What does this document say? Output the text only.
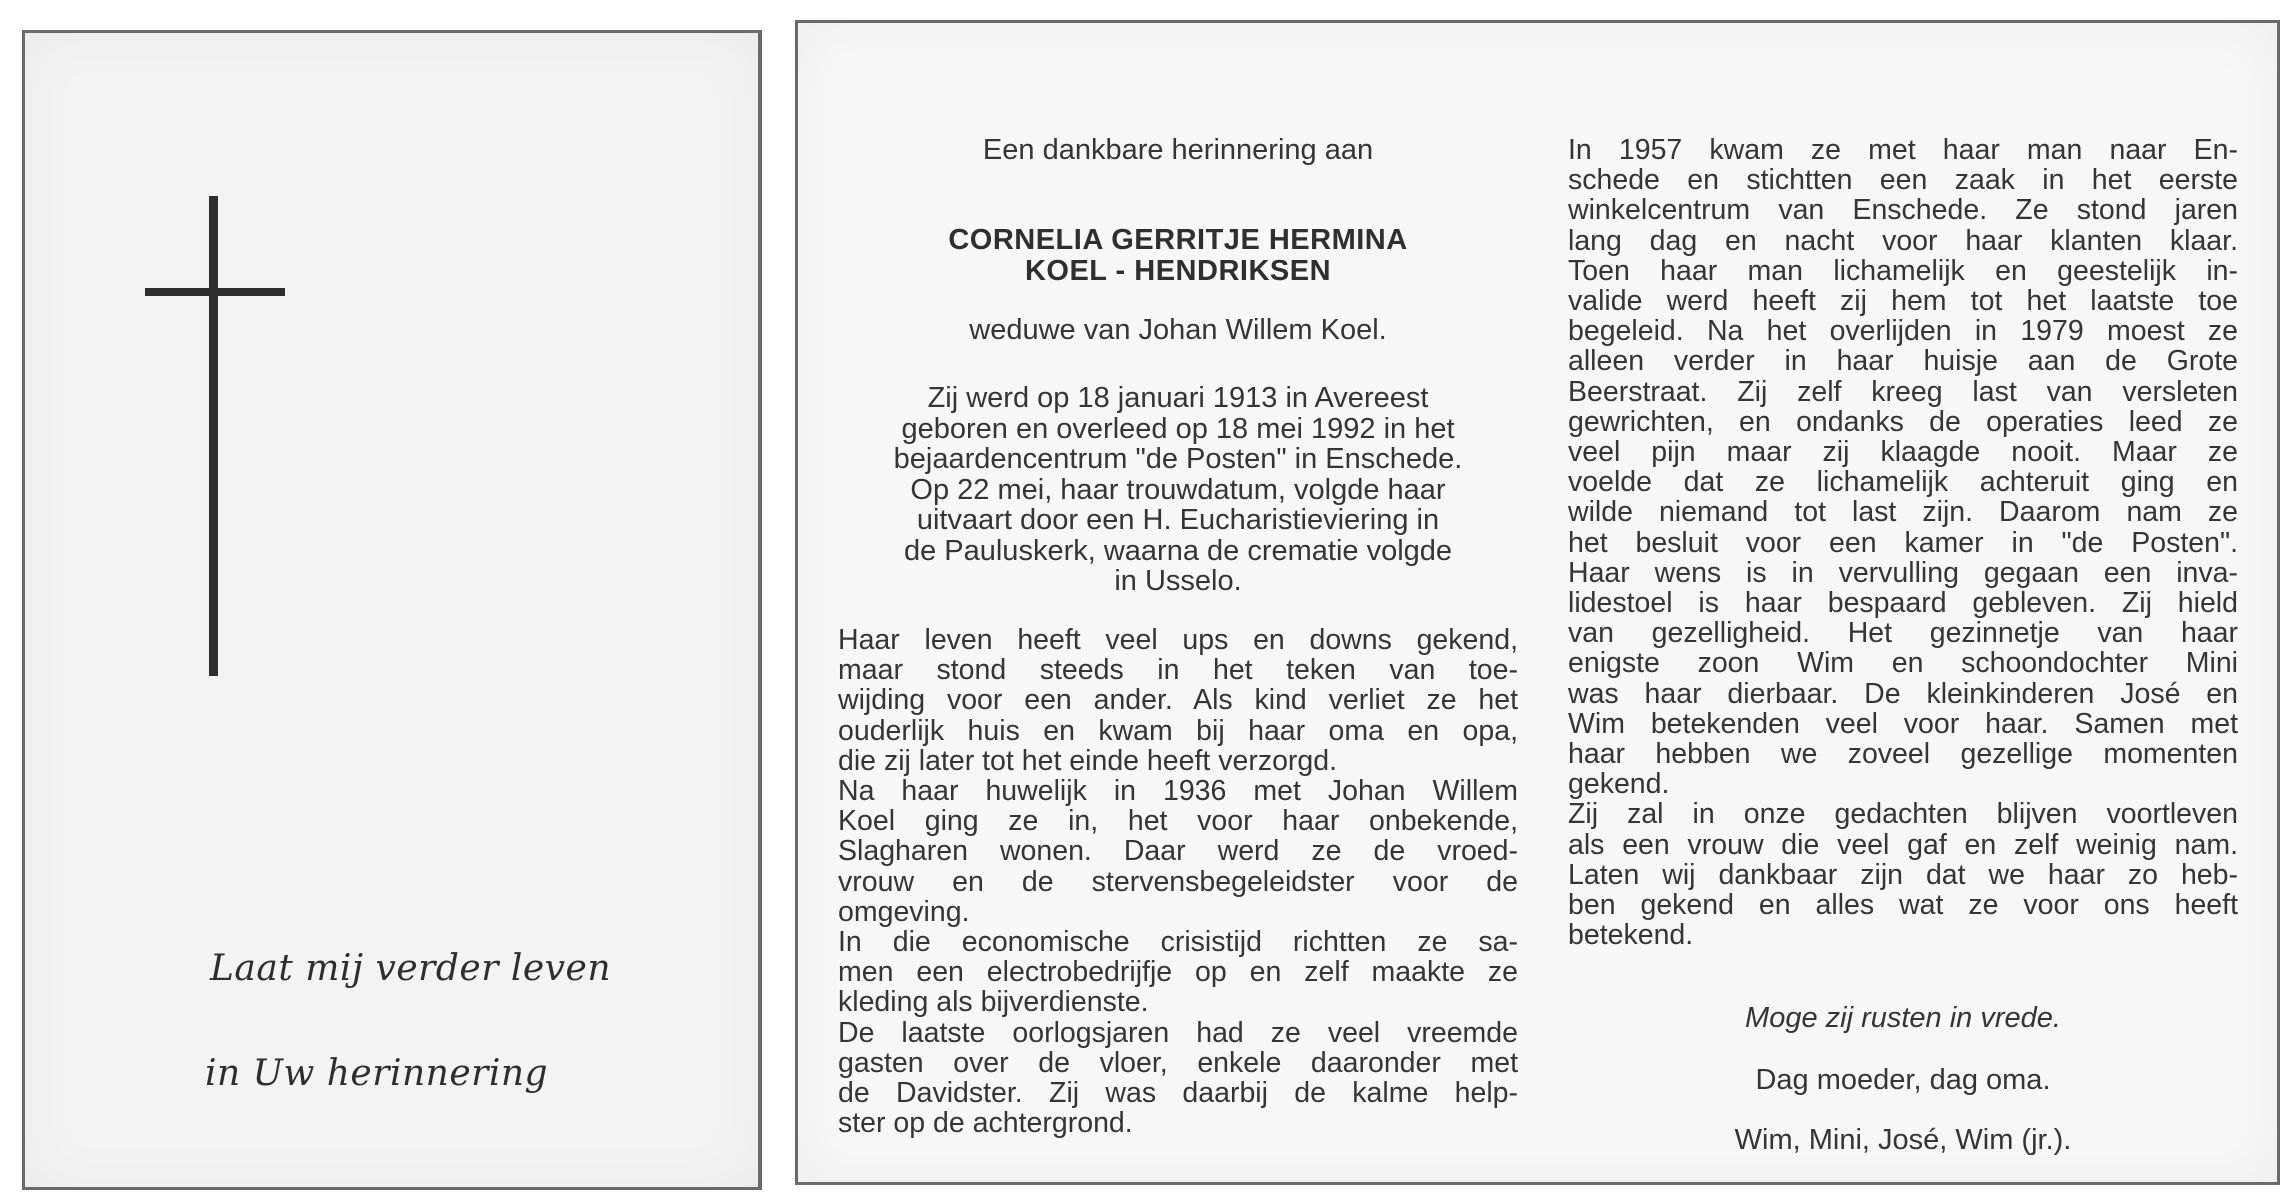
Laat mij verder leven
in Uw herinnering
Een dankbare herinnering aan
CORNELIA GERRITJE HERMINA
KOEL - HENDRIKSEN
weduwe van Johan Willem Koel.
Zij werd op 18 januari 1913 in Avereest
geboren en overleed op 18 mei 1992 in het
bejaardencentrum "de Posten" in Enschede.
Op 22 mei, haar trouwdatum, volgde haar
uitvaart door een H. Eucharistieviering in
de Pauluskerk, waarna de crematie volgde
in Usselo.
Haar leven heeft veel ups en downs gekend,
maar stond steeds in het teken van toe-
wijding voor een ander. Als kind verliet ze het
ouderlijk huis en kwam bij haar oma en opa,
die zij later tot het einde heeft verzorgd.
Na haar huwelijk in 1936 met Johan Willem
Koel ging ze in, het voor haar onbekende,
Slagharen wonen. Daar werd ze de vroed-
vrouw en de stervensbegeleidster voor de
omgeving.
In die economische crisistijd richtten ze sa-
men een electrobedrijfje op en zelf maakte ze
kleding als bijverdienste.
De laatste oorlogsjaren had ze veel vreemde
gasten over de vloer, enkele daaronder met
de Davidster. Zij was daarbij de kalme help-
ster op de achtergrond.
In 1957 kwam ze met haar man naar En-
schede en stichtten een zaak in het eerste
winkelcentrum van Enschede. Ze stond jaren
lang dag en nacht voor haar klanten klaar.
Toen haar man lichamelijk en geestelijk in-
valide werd heeft zij hem tot het laatste toe
begeleid. Na het overlijden in 1979 moest ze
alleen verder in haar huisje aan de Grote
Beerstraat. Zij zelf kreeg last van versleten
gewrichten, en ondanks de operaties leed ze
veel pijn maar zij klaagde nooit. Maar ze
voelde dat ze lichamelijk achteruit ging en
wilde niemand tot last zijn. Daarom nam ze
het besluit voor een kamer in "de Posten".
Haar wens is in vervulling gegaan een inva-
lidestoel is haar bespaard gebleven. Zij hield
van gezelligheid. Het gezinnetje van haar
enigste zoon Wim en schoondochter Mini
was haar dierbaar. De kleinkinderen José en
Wim betekenden veel voor haar. Samen met
haar hebben we zoveel gezellige momenten
gekend.
Zij zal in onze gedachten blijven voortleven
als een vrouw die veel gaf en zelf weinig nam.
Laten wij dankbaar zijn dat we haar zo heb-
ben gekend en alles wat ze voor ons heeft
betekend.
Moge zij rusten in vrede.
Dag moeder, dag oma.
Wim, Mini, José, Wim (jr.).
